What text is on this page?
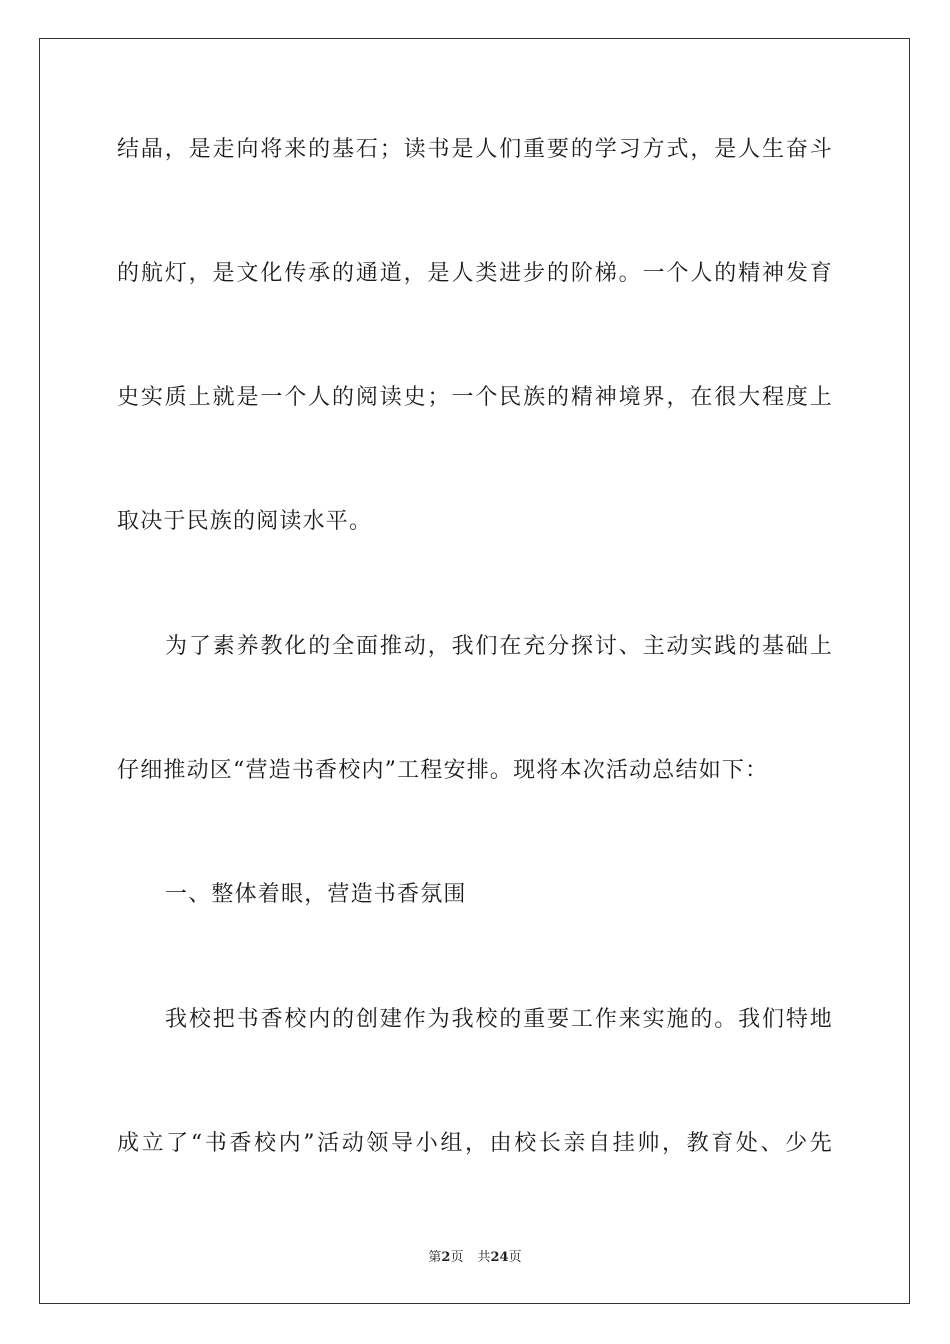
结晶，是走向将来的基石；读书是人们重要的学习方式，是人生奋斗
的航灯，是文化传承的通道，是人类进步的阶梯。一个人的精神发育
史实质上就是一个人的阅读史；一个民族的精神境界，在很大程度上
取决于民族的阅读水平。
为了素养教化的全面推动，我们在充分探讨、主动实践的基础上
仔细推动区“营造书香校内”工程安排。现将本次活动总结如下：
一、整体着眼，营造书香氛围
我校把书香校内的创建作为我校的重要工作来实施的。我们特地
成立了“书香校内”活动领导小组，由校长亲自挂帅，教育处、少先
第2页 共24页
